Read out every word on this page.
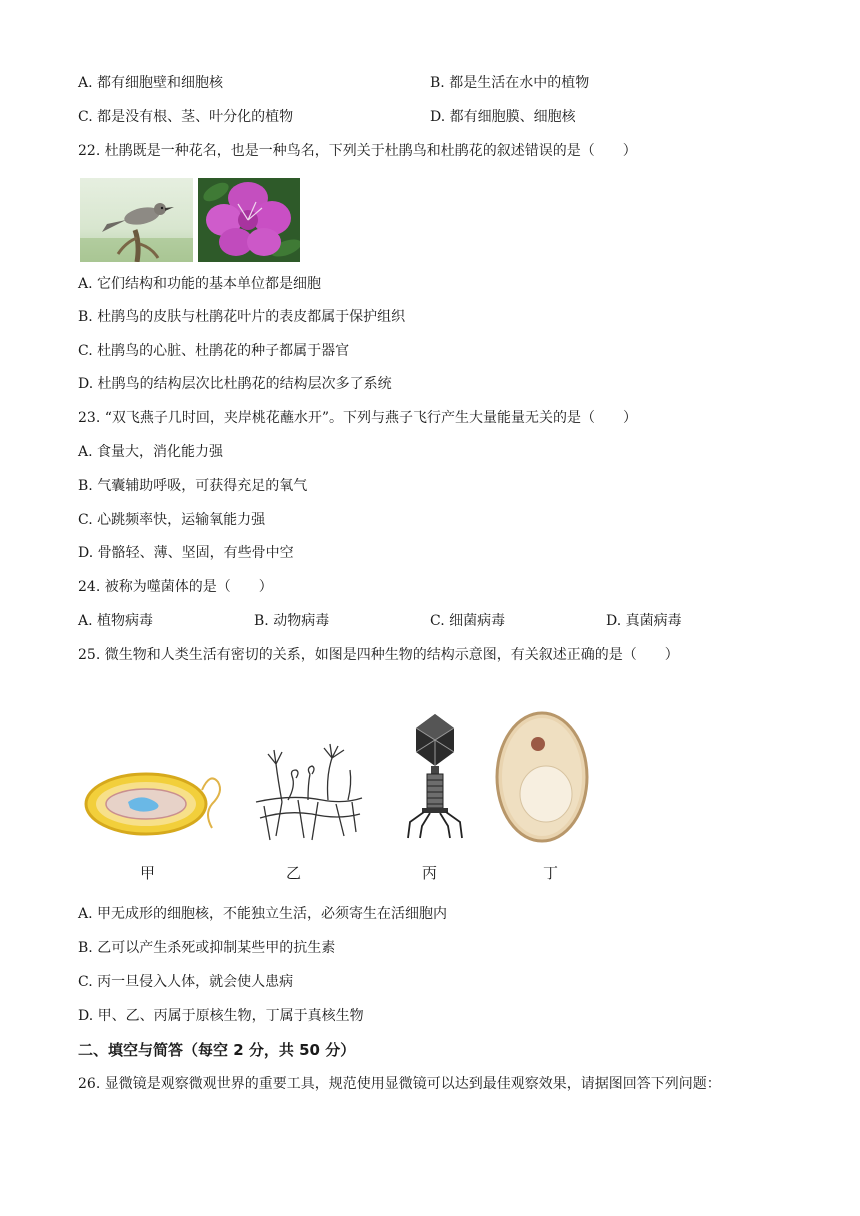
A. 都有细胞壁和细胞核	B. 都是生活在水中的植物
C. 都是没有根、茎、叶分化的植物	D. 都有细胞膜、细胞核
22. 杜鹃既是一种花名，也是一种鸟名，下列关于杜鹃鸟和杜鹃花的叙述错误的是（　　）
A. 它们结构和功能的基本单位都是细胞
B. 杜鹃鸟的皮肤与杜鹃花叶片的表皮都属于保护组织
C. 杜鹃鸟的心脏、杜鹃花的种子都属于器官
D. 杜鹃鸟的结构层次比杜鹃花的结构层次多了系统
23. “双飞燕子几时回，夹岸桃花蘸水开”。下列与燕子飞行产生大量能量无关的是（　　）
A. 食量大，消化能力强
B. 气囊辅助呼吸，可获得充足的氧气
C. 心跳频率快，运输氧能力强
D. 骨骼轻、薄、坚固，有些骨中空
24. 被称为噬菌体的是（　　）
A. 植物病毒	B. 动物病毒	C. 细菌病毒	D. 真菌病毒
25. 微生物和人类生活有密切的关系，如图是四种生物的结构示意图，有关叙述正确的是（　　）
甲	乙	丙	丁
A. 甲无成形的细胞核，不能独立生活，必须寄生在活细胞内
B. 乙可以产生杀死或抑制某些甲的抗生素
C. 丙一旦侵入人体，就会使人患病
D. 甲、乙、丙属于原核生物，丁属于真核生物
二、填空与简答（每空 2 分，共 50 分）
26. 显微镜是观察微观世界的重要工具，规范使用显微镜可以达到最佳观察效果，请据图回答下列问题：
